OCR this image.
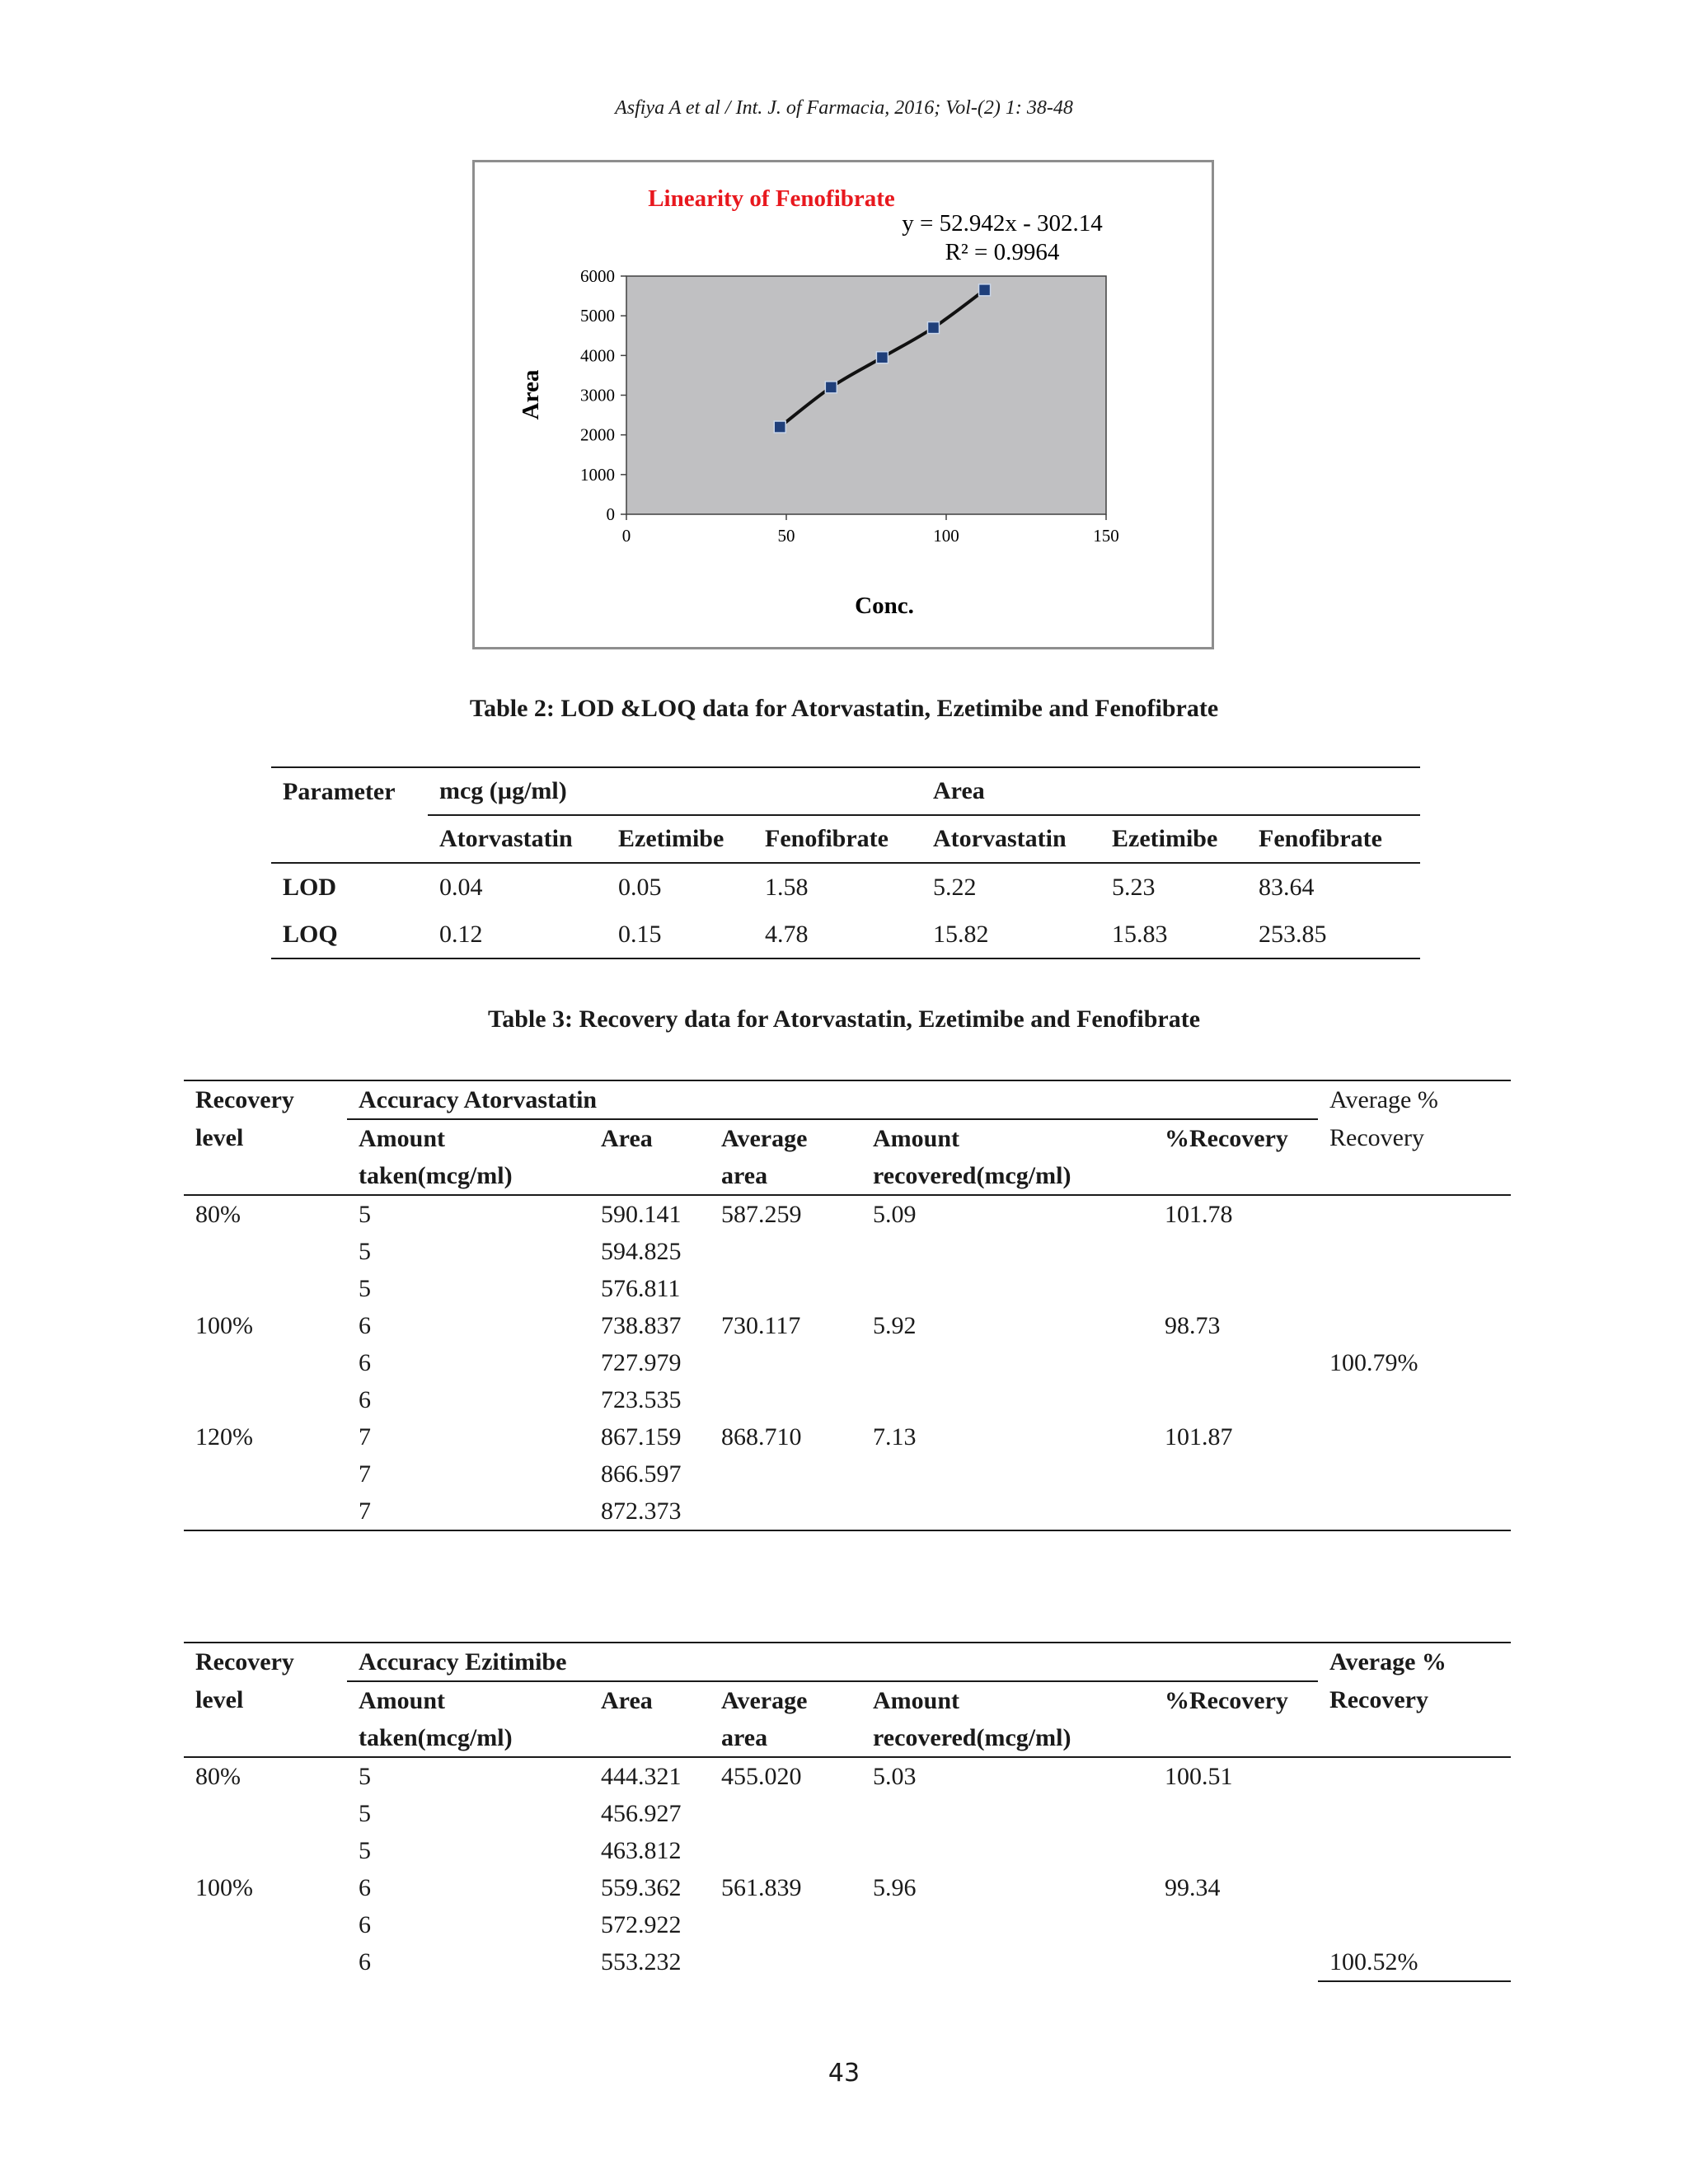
Asfiya A et al / Int. J. of Farmacia, 2016; Vol-(2) 1: 38-48
Linearity of Fenofibrate
y = 52.942x - 302.14
R² = 0.9964
0
1000
2000
3000
4000
5000
6000
0	50	100	150
Area
Conc.
Table 2: LOD &LOQ data for Atorvastatin, Ezetimibe and Fenofibrate
Parameter	mcg (µg/ml)			Area		
	Atorvastatin	Ezetimibe	Fenofibrate	Atorvastatin	Ezetimibe	Fenofibrate
LOD	0.04	0.05	1.58	5.22	5.23	83.64
LOQ	0.12	0.15	4.78	15.82	15.83	253.85
Table 3: Recovery data for Atorvastatin, Ezetimibe and Fenofibrate
Recovery	Accuracy Atorvastatin					Average %
level	Amount	Area	Average	Amount	%Recovery	Recovery
	taken(mcg/ml)		area	recovered(mcg/ml)		
80%	5	590.141	587.259	5.09	101.78	
	5	594.825				
	5	576.811				
100%	6	738.837	730.117	5.92	98.73	
	6	727.979				100.79%
	6	723.535				
120%	7	867.159	868.710	7.13	101.87	
	7	866.597				
	7	872.373				
Recovery	Accuracy Ezitimibe					Average %
level	Amount	Area	Average	Amount	%Recovery	Recovery
	taken(mcg/ml)		area	recovered(mcg/ml)		
80%	5	444.321	455.020	5.03	100.51	
	5	456.927				
	5	463.812				
100%	6	559.362	561.839	5.96	99.34	
	6	572.922				
	6	553.232				100.52%
43
